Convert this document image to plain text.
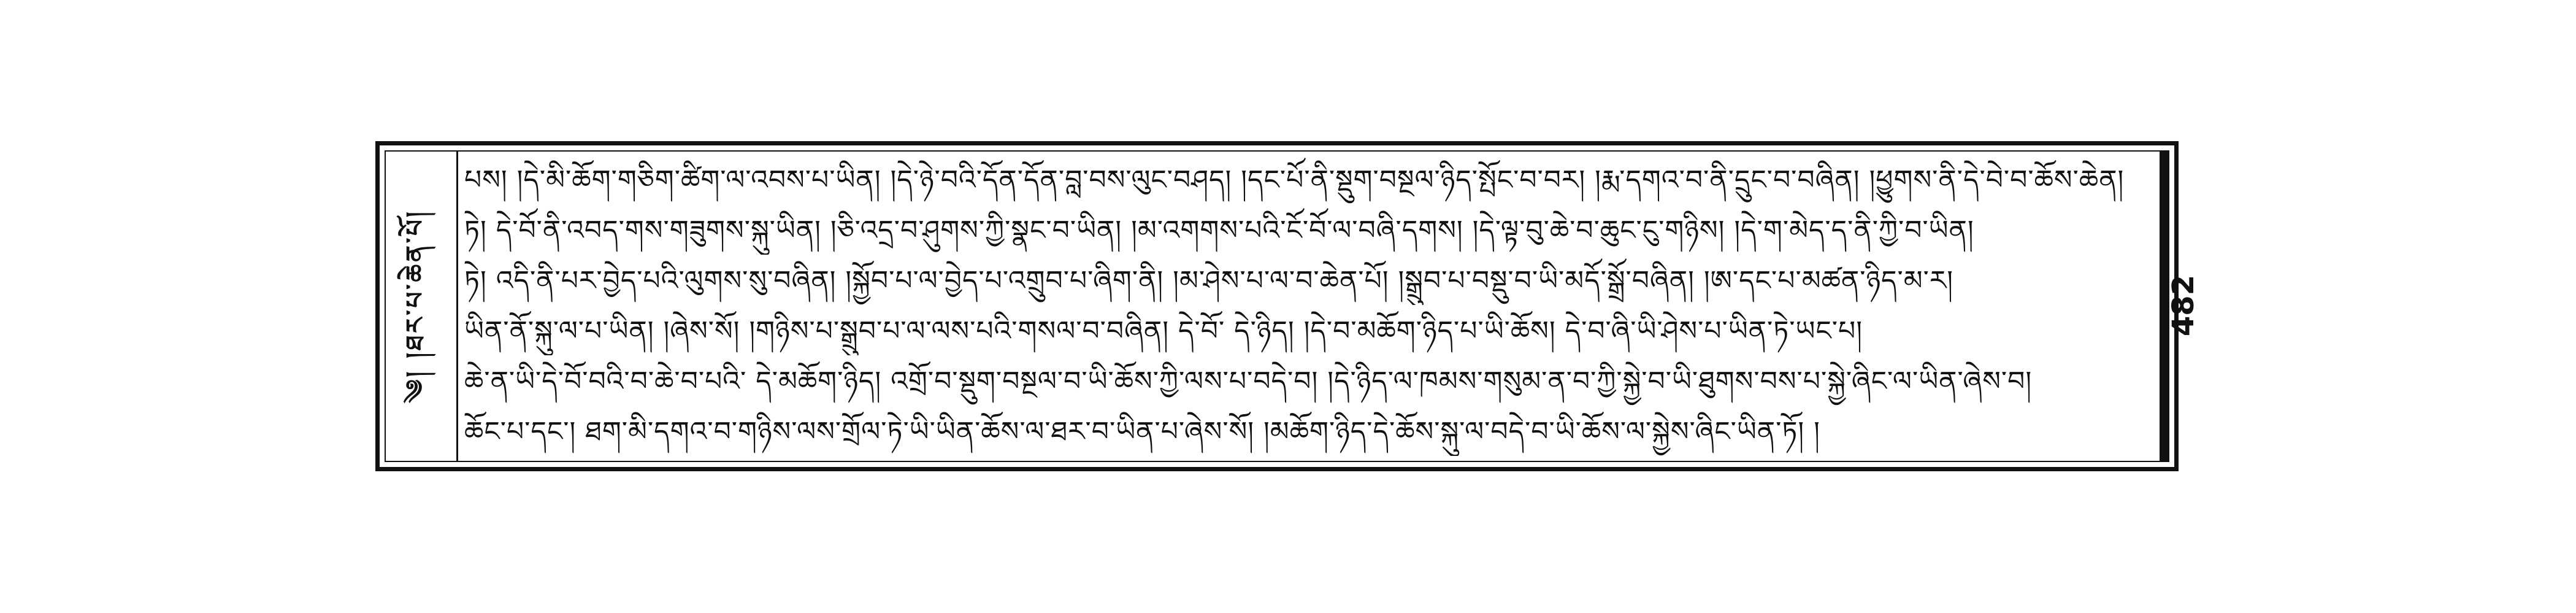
༄། །ཐར་པ་ཆེན་པོ།
པས། །དེ་མི་ཆོག་གཅིག་ཚིག་ལ་འབས་པ་ཡིན། །དེ་ཉེ་བའི་དོན་དོན་བླ་བས་ལུང་བཤད། །དང་པོ་ནི་སྡུག་བསྔལ་ཉིད་སྤོང་བ་བར། །རྨ་དགའ་བ་ནི་དྲུང་བ་བཞིན། །ཕྱུགས་ནི་དེ་བེ་བ་ཆོས་ཆེན།
ཏེ། དེ་བོ་ནི་འབད་གས་གཟུགས་སྐུ་ཡིན། །ཅི་འདྲ་བ་ཤུགས་ཀྱི་སྣང་བ་ཡིན། །མ་འགགས་པའི་ངོ་བོ་ལ་བཞི་དགས། །དེ་ལྟ་བུ་ཆེ་བ་ཆུང་ངུ་གཉིས། །དེ་ག་མེད་ད་ནི་ཀྱི་བ་ཡིན།
ཏེ། འདི་ནི་པར་བྱེད་པའི་ལུགས་སུ་བཞིན། །སྐྱོབ་པ་ལ་བྱེད་པ་འགྲུབ་པ་ཞིག་ནི། །མ་ཤེས་པ་ལ་བ་ཆེན་པོ། །སྒྲུབ་པ་བསྡུ་བ་ཡི་མདོ་སྒྲོ་བཞིན། །ཨ་དང་པ་མཚན་ཉིད་མ་ར།
ཡིན་ནོ་སྐུ་ལ་པ་ཡིན། །ཞེས་སོ། །གཉིས་པ་སྒྲུབ་པ་ལ་ལས་པའི་གསལ་བ་བཞིན། དེ་བོ་ དེ་ཉིད། །དེ་བ་མཆོག་ཉིད་པ་ཡི་ཆོས། དེ་བ་ཞི་ཡི་ཤེས་པ་ཡིན་ཏེ་ཡང་པ།
ཆེ་ན་ཡི་དེ་བོ་བའི་བ་ཆེ་བ་པའི་ དེ་མཆོག་ཉིད། འགྲོ་བ་སྡུག་བསྔལ་བ་ཡི་ཆོས་ཀྱི་ལས་པ་བདེ་བ། །དེ་ཉིད་ལ་ཁམས་གསུམ་ན་བ་ཀྱི་སྐྱེ་བ་ཡི་ཐུགས་བས་པ་སྐྱེ་ཞིང་ལ་ཡིན་ཞེས་བ།
ཆོང་པ་དང་། ཐག་མི་དགའ་བ་གཉིས་ལས་གྲོལ་ཏེ་ཡི་ཡིན་ཆོས་ལ་ཐར་བ་ཡིན་པ་ཞེས་སོ། །མཆོག་ཉིད་དེ་ཆོས་སྐུ་ལ་བདེ་བ་ཡི་ཆོས་ལ་སྐྱེས་ཞིང་ཡིན་ཏོ། །
482
